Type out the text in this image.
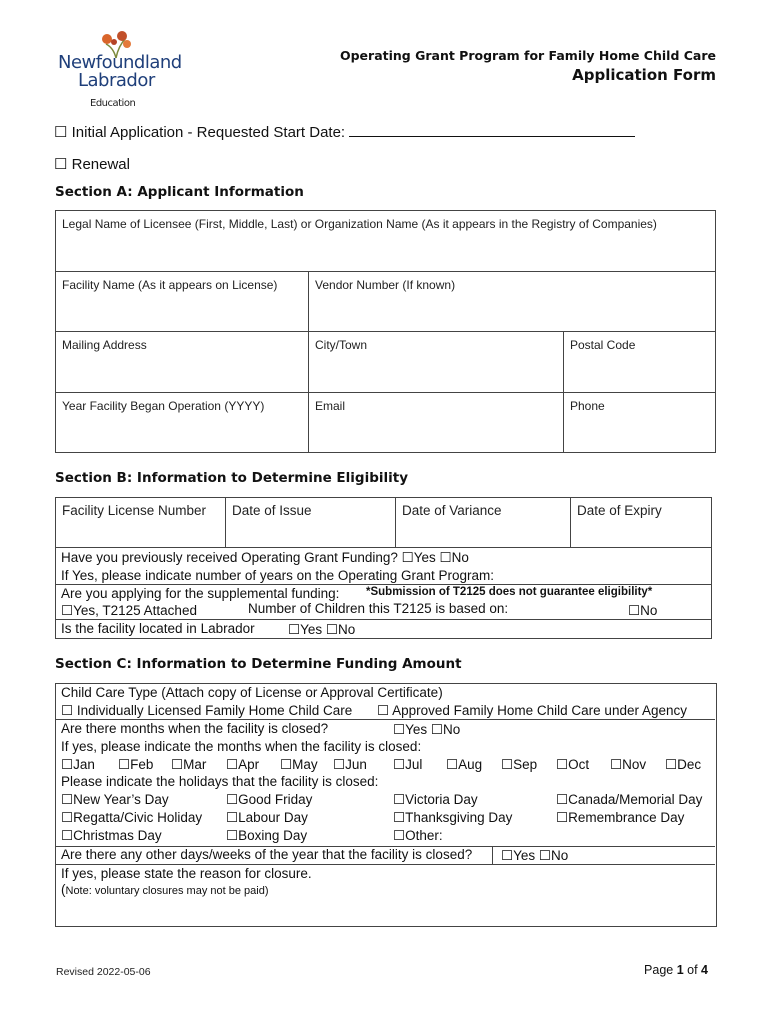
Newfoundland
Labrador
Education
Operating Grant Program for Family Home Child Care
Application Form
☐ Initial Application - Requested Start Date:
☐ Renewal
Section A: Applicant Information
Legal Name of Licensee (First, Middle, Last) or Organization Name (As it appears in the Registry of Companies)		

Facility Name (As it appears on License)	Vendor Number (If known)	

Mailing Address	City/Town	Postal Code

Year Facility Began Operation (YYYY)	Email	Phone
Section B: Information to Determine Eligibility
Facility License Number	Date of Issue	Date of Variance	Date of Expiry
Have you previously received Operating Grant Funding? ☐Yes ☐No
If Yes, please indicate number of years on the Operating Grant Program:
Are you applying for the supplemental funding: *Submission of T2125 does not guarantee eligibility*
☐Yes, T2125 Attached	Number of Children this T2125 is based on:	☐No
Is the facility located in Labrador ☐Yes ☐No
Section C: Information to Determine Funding Amount
Child Care Type (Attach copy of License or Approval Certificate)
☐ Individually Licensed Family Home Child Care ☐ Approved Family Home Child Care under Agency
Are there months when the facility is closed?	☐Yes ☐No
If yes, please indicate the months when the facility is closed:
☐Jan ☐Feb ☐Mar ☐Apr ☐May ☐Jun ☐Jul ☐Aug ☐Sep ☐Oct ☐Nov ☐Dec
Please indicate the holidays that the facility is closed:
☐New Year’s Day	☐Good Friday	☐Victoria Day	☐Canada/Memorial Day
☐Regatta/Civic Holiday ☐Labour Day	☐Thanksgiving Day	☐Remembrance Day
☐Christmas Day	☐Boxing Day	☐Other:
Are there any other days/weeks of the year that the facility is closed? ☐Yes ☐No
If yes, please state the reason for closure.
(Note: voluntary closures may not be paid)
Revised 2022-05-06	Page 1 of 4
